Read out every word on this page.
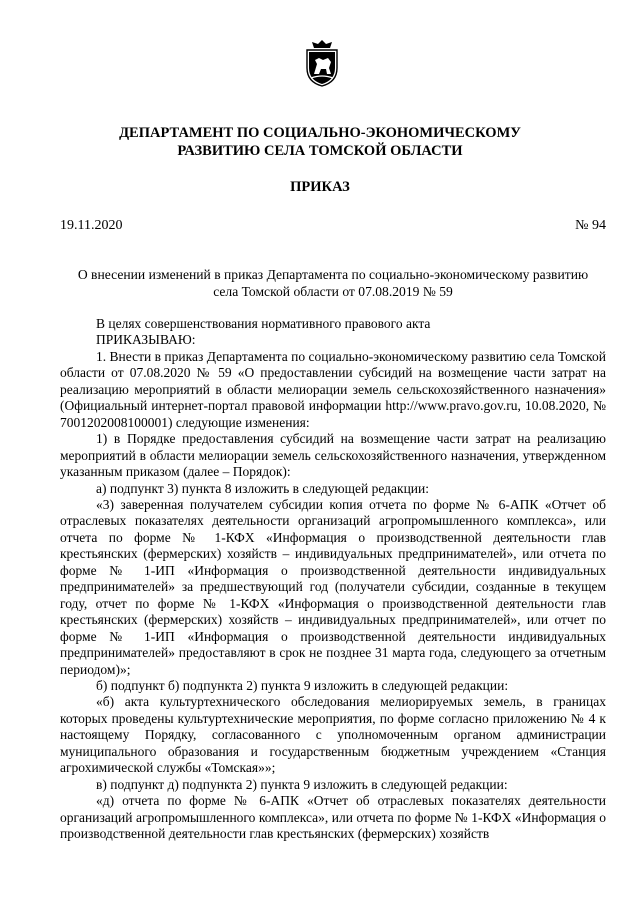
ДЕПАРТАМЕНТ ПО СОЦИАЛЬНО-ЭКОНОМИЧЕСКОМУ
РАЗВИТИЮ СЕЛА ТОМСКОЙ ОБЛАСТИ
ПРИКАЗ
19.11.2020	№ 94
О внесении изменений в приказ Департамента по социально-экономическому развитию
села Томской области от 07.08.2019 № 59

В целях совершенствования нормативного правового акта

ПРИКАЗЫВАЮ:

1. Внести в приказ Департамента по социально-экономическому развитию села Томской области от 07.08.2020 № 59 «О предоставлении субсидий на возмещение части затрат на реализацию мероприятий в области мелиорации земель сельскохозяйственного назначения» (Официальный интернет-портал правовой информации http://www.pravo.gov.ru, 10.08.2020, № 7001202008100001) следующие изменения:

1) в Порядке предоставления субсидий на возмещение части затрат на реализацию мероприятий в области мелиорации земель сельскохозяйственного назначения, утвержденном указанным приказом (далее – Порядок):

а) подпункт 3) пункта 8 изложить в следующей редакции:

«3) заверенная получателем субсидии копия отчета по форме № 6-АПК «Отчет об отраслевых показателях деятельности организаций агропромышленного комплекса», или отчета по форме № 1-КФХ «Информация о производственной деятельности глав крестьянских (фермерских) хозяйств – индивидуальных предпринимателей», или отчета по форме № 1-ИП «Информация о производственной деятельности индивидуальных предпринимателей» за предшествующий год (получатели субсидии, созданные в текущем году, отчет по форме № 1-КФХ «Информация о производственной деятельности глав крестьянских (фермерских) хозяйств – индивидуальных предпринимателей», или отчет по форме № 1-ИП «Информация о производственной деятельности индивидуальных предпринимателей» предоставляют в срок не позднее 31 марта года, следующего за отчетным периодом)»;

б) подпункт б) подпункта 2) пункта 9 изложить в следующей редакции:

«б) акта культуртехнического обследования мелиорируемых земель, в границах которых проведены культуртехнические мероприятия, по форме согласно приложению № 4 к настоящему Порядку, согласованного с уполномоченным органом администрации муниципального образования и государственным бюджетным учреждением «Станция агрохимической службы «Томская»»;

в) подпункт д) подпункта 2) пункта 9 изложить в следующей редакции:

«д) отчета по форме № 6-АПК «Отчет об отраслевых показателях деятельности организаций агропромышленного комплекса», или отчета по форме № 1-КФХ «Информация о производственной деятельности глав крестьянских (фермерских) хозяйств
